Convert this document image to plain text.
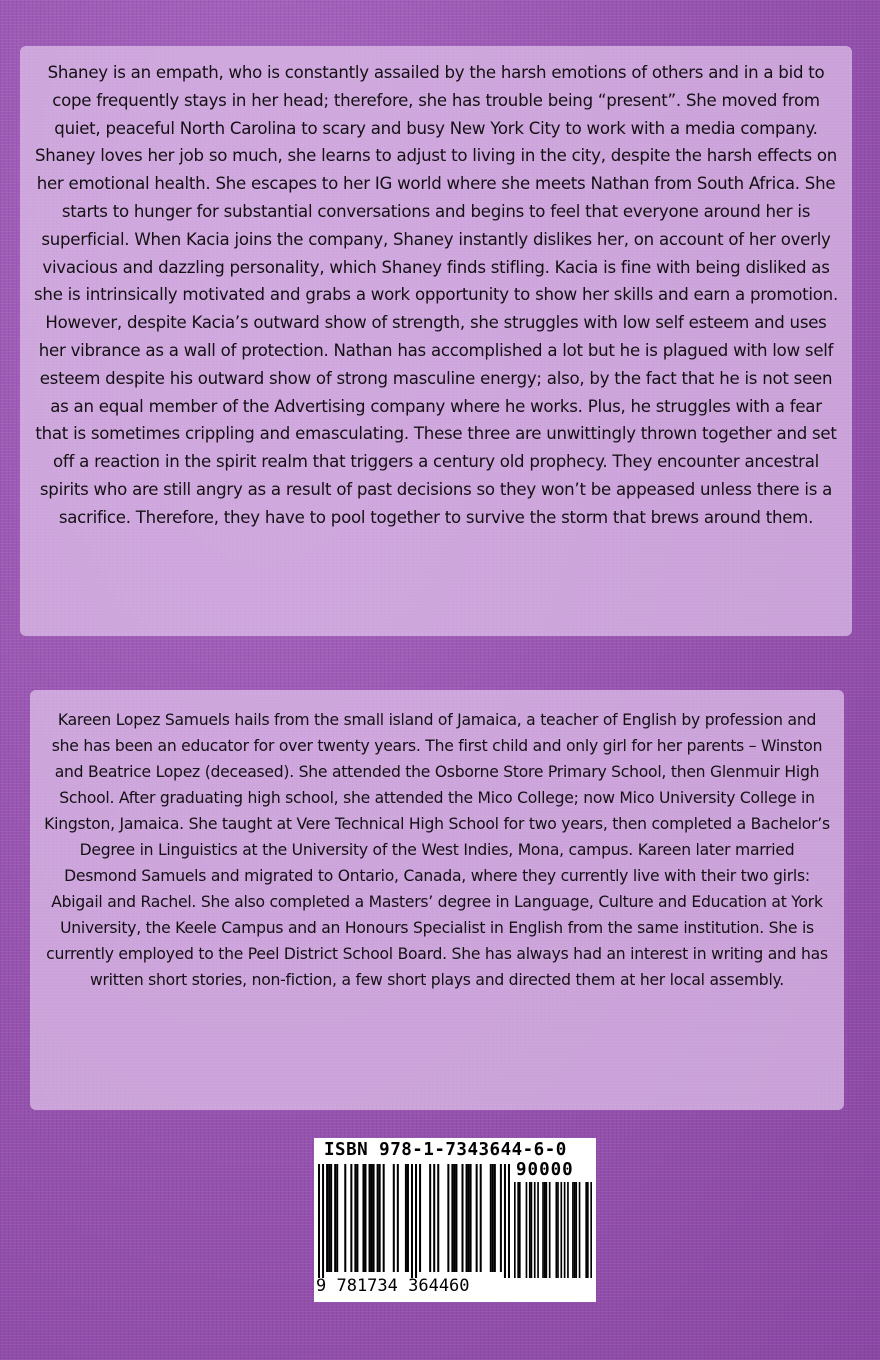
Shaney is an empath, who is constantly assailed by the harsh emotions of others and in a bid to cope frequently stays in her head; therefore, she has trouble being “present”. She moved from quiet, peaceful North Carolina to scary and busy New York City to work with a media company. Shaney loves her job so much, she learns to adjust to living in the city, despite the harsh effects on her emotional health. She escapes to her IG world where she meets Nathan from South Africa. She starts to hunger for substantial conversations and begins to feel that everyone around her is superficial. When Kacia joins the company, Shaney instantly dislikes her, on account of her overly vivacious and dazzling personality, which Shaney finds stifling. Kacia is fine with being disliked as she is intrinsically motivated and grabs a work opportunity to show her skills and earn a promotion. However, despite Kacia’s outward show of strength, she struggles with low self esteem and uses her vibrance as a wall of protection. Nathan has accomplished a lot but he is plagued with low self esteem despite his outward show of strong masculine energy; also, by the fact that he is not seen as an equal member of the Advertising company where he works. Plus, he struggles with a fear that is sometimes crippling and emasculating. These three are unwittingly thrown together and set off a reaction in the spirit realm that triggers a century old prophecy. They encounter ancestral spirits who are still angry as a result of past decisions so they won’t be appeased unless there is a sacrifice. Therefore, they have to pool together to survive the storm that brews around them.

Kareen Lopez Samuels hails from the small island of Jamaica, a teacher of English by profession and she has been an educator for over twenty years. The first child and only girl for her parents – Winston and Beatrice Lopez (deceased). She attended the Osborne Store Primary School, then Glenmuir High School. After graduating high school, she attended the Mico College; now Mico University College in Kingston, Jamaica. She taught at Vere Technical High School for two years, then completed a Bachelor’s Degree in Linguistics at the University of the West Indies, Mona, campus. Kareen later married Desmond Samuels and migrated to Ontario, Canada, where they currently live with their two girls: Abigail and Rachel. She also completed a Masters’ degree in Language, Culture and Education at York University, the Keele Campus and an Honours Specialist in English from the same institution. She is currently employed to the Peel District School Board. She has always had an interest in writing and has written short stories, non-fiction, a few short plays and directed them at her local assembly.

ISBN 978-1-7343644-6-0
90000
9 781734 364460
